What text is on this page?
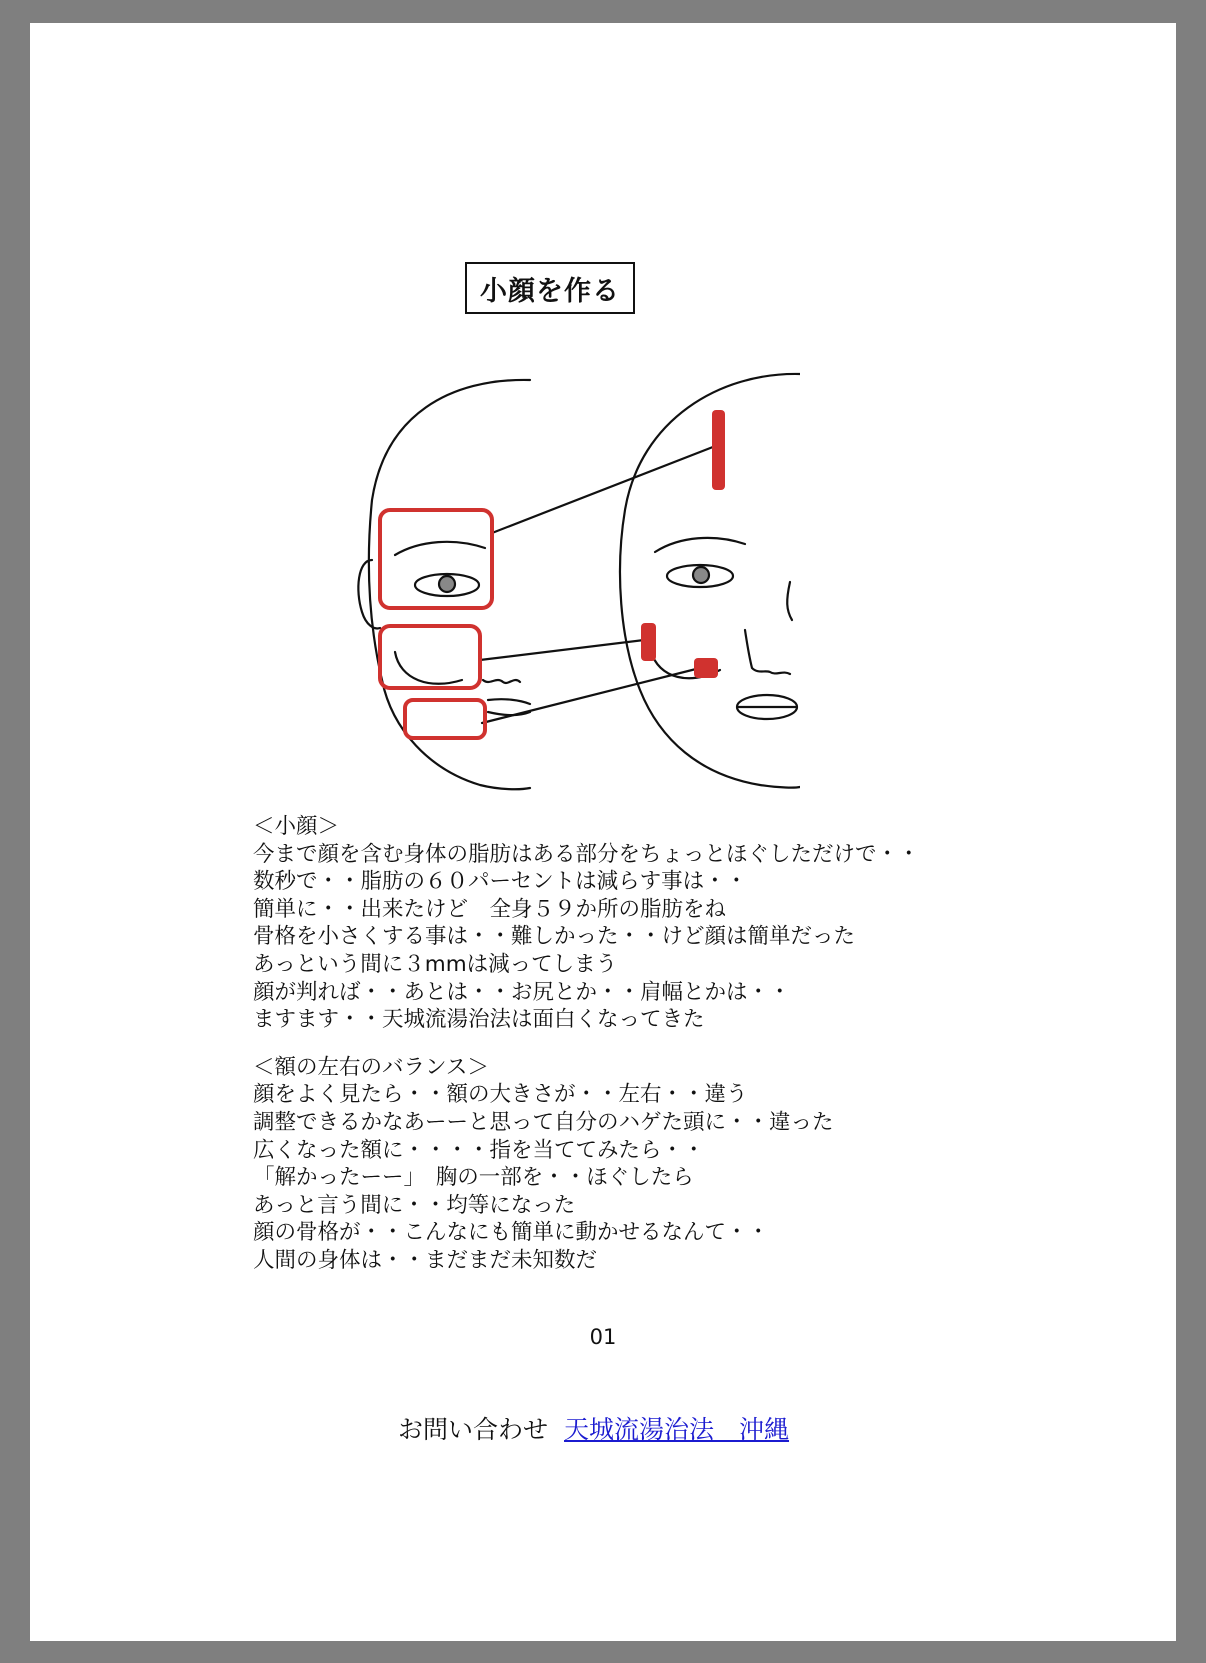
小顔を作る
＜小顔＞
今まで顔を含む身体の脂肪はある部分をちょっとほぐしただけで・・
数秒で・・脂肪の６０パーセントは減らす事は・・
簡単に・・出来たけど　全身５９か所の脂肪をね
骨格を小さくする事は・・難しかった・・けど顔は簡単だった
あっという間に３mmは減ってしまう
顔が判れば・・あとは・・お尻とか・・肩幅とかは・・
ますます・・天城流湯治法は面白くなってきた
＜額の左右のバランス＞
顔をよく見たら・・額の大きさが・・左右・・違う
調整できるかなあーーと思って自分のハゲた頭に・・違った
広くなった額に・・・・指を当ててみたら・・
「解かったーー」　胸の一部を・・ほぐしたら
あっと言う間に・・均等になった
顔の骨格が・・こんなにも簡単に動かせるなんて・・
人間の身体は・・まだまだ未知数だ
01
お問い合わせ 天城流湯治法　沖縄
